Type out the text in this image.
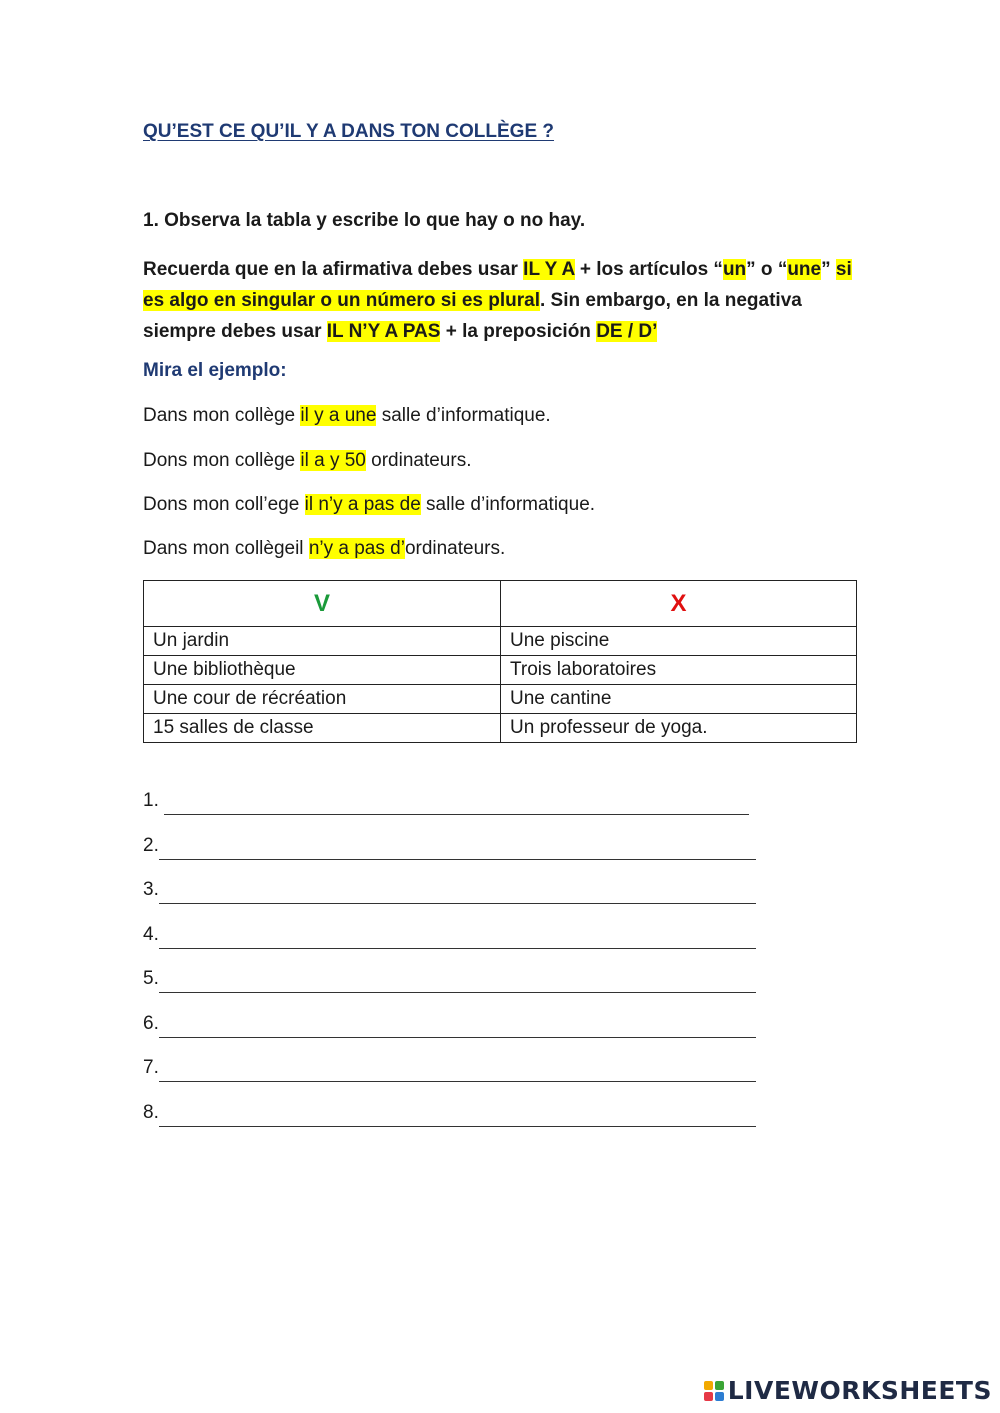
QU’EST CE QU’IL Y A DANS TON COLLÈGE ?

1. Observa la tabla y escribe lo que hay o no hay.

Recuerda que en la afirmativa debes usar IL Y A + los artículos “un” o “une” si es algo en singular o un número si es plural. Sin embargo, en la negativa siempre debes usar IL N’Y A PAS + la preposición DE / D’

Mira el ejemplo:

Dans mon collège il y a une salle d’informatique.

Dons mon collège il a y 50 ordinateurs.

Dons mon coll’ege il n’y a pas de salle d’informatique.

Dans mon collègeil n’y a pas d’ordinateurs.

V	X
Un jardin	Une piscine
Une bibliothèque	Trois laboratoires
Une cour de récréation	Une cantine
15 salles de classe	Un professeur de yoga.
1.
2.
3.
4.
5.
6.
7.
8.
LIVEWORKSHEETS
